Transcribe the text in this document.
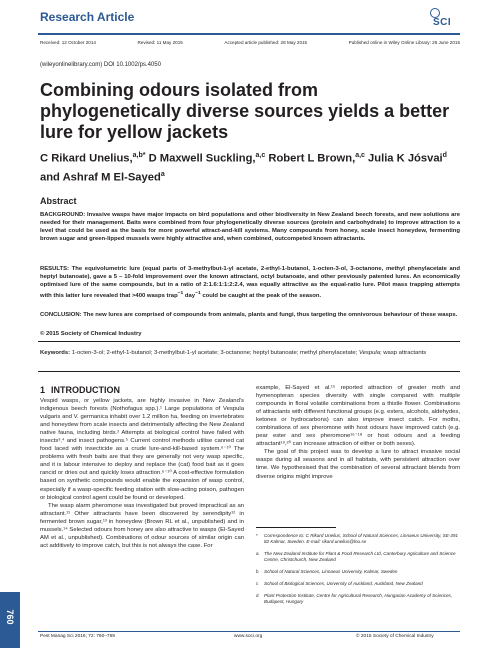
Research Article	SCI
Received: 12 October 2014	Revised: 11 May 2015	Accepted article published: 28 May 2015	Published online in Wiley Online Library: 25 June 2015
(wileyonlinelibrary.com) DOI 10.1002/ps.4050
Combining odours isolated from phylogenetically diverse sources yields a better lure for yellow jackets
C Rikard Unelius,$^{a,b*}$ D Maxwell Suckling,$^{a,c}$ Robert L Brown,$^{a,c}$ Julia K Jósvai$^d$ and Ashraf M El-Sayed$^a$
Abstract
BACKGROUND: Invasive wasps have major impacts on bird populations and other biodiversity in New Zealand beech forests, and new solutions are needed for their management. Baits were combined from four phylogenetically diverse sources (protein and carbohydrate) to improve attraction to a level that could be used as the basis for more powerful attract-and-kill systems. Many compounds from honey, scale insect honeydew, fermenting brown sugar and green-lipped mussels were highly attractive and, when combined, outcompeted known attractants.
RESULTS: The equivolumetric lure (equal parts of 3-methylbut-1-yl acetate, 2-ethyl-1-butanol, 1-octen-3-ol, 3-octanone, methyl phenylacetate and heptyl butanoate), gave a 5 – 10-fold improvement over the known attractant, octyl butanoate, and other previously patented lures. An economically optimised lure of the same compounds, but in a ratio of 2:1.6:1:1:2:2.4, was equally attractive as the equal-ratio lure. Pilot mass trapping attempts with this latter lure revealed that >400 wasps trap$^{-1}$ day$^{-1}$ could be caught at the peak of the season.
CONCLUSION: The new lures are comprised of compounds from animals, plants and fungi, thus targeting the omnivorous behaviour of these wasps.
© 2015 Society of Chemical Industry
Keywords: 1-octen-3-ol; 2-ethyl-1-butanol; 3-methylbut-1-yl acetate; 3-octanone; heptyl butanoate; methyl phenylacetate; Vespula; wasp attractants
1 INTRODUCTION

Vespid wasps, or yellow jackets, are highly invasive in New Zealand’s indigenous beech forests (Nothofagus spp.).¹ Large populations of Vespula vulgaris and V. germanica inhabit over 1.2 million ha, feeding on invertebrates and honeydew from scale insects and detrimentally affecting the New Zealand native fauna, including birds.² Attempts at biological control have failed with insects³,⁴ and insect pathogens.⁵ Current control methods utilise canned cat food laced with insecticide as a crude lure-and-kill-based system.⁶⁻¹⁰ The problems with fresh baits are that they are generally not very wasp specific, and it is labour intensive to deploy and replace the (cat) food bait as it goes rancid or dries out and quickly loses attraction.⁶⁻¹⁰ A cost-effective formulation based on synthetic compounds would enable the expansion of wasp control, especially if a wasp-specific feeding station with slow-acting poison, pathogen or biological control agent could be found or developed.

The wasp alarm pheromone was investigated but proved impractical as an attractant.¹¹ Other attractants have been discovered by serendipity¹² in fermented brown sugar,¹³ in honeydew (Brown RL et al., unpublished) and in mussels.¹⁴ Selected odours from honey are also attractive to wasps (El-Sayed AM et al., unpublished). Combinations of odour sources of similar origin can act additively to improve catch, but this is not always the case. For

example, El-Sayed et al.¹⁵ reported attraction of greater moth and hymenopteran species diversity with single compared with multiple compounds in floral volatile combinations from a thistle flower. Combinations of attractants with different functional groups (e.g. esters, alcohols, aldehydes, ketones or hydrocarbons) can also improve insect catch. For moths, combinations of sex pheromone with host odours have improved catch (e.g. pear ester and sex pheromone¹⁶⁻¹⁸ or host odours and a feeding attractant¹⁹,²⁰ can increase attraction of either or both sexes).

The goal of this project was to develop a lure to attract invasive social wasps during all seasons and in all habitats, with persistent attraction over time. We hypothesised that the combination of several attractant blends from diverse origins might improve

*	Correspondence to: C Rikard Unelius, School of Natural Sciences, Linnaeus University, SE-391 82 Kalmar, Sweden. E-mail: rikard.unelius@lnu.se
a	The New Zealand Institute for Plant & Food Research Ltd, Canterbury Agriculture and Science Centre, Christchurch, New Zealand
b	School of Natural Sciences, Linnaeus University, Kalmar, Sweden
c	School of Biological Sciences, University of Auckland, Auckland, New Zealand
d	Plant Protection Institute, Centre for Agricultural Research, Hungarian Academy of Sciences, Budapest, Hungary
760
Pest Manag Sci 2016; 72: 760–769	www.soci.org	© 2015 Society of Chemical Industry
